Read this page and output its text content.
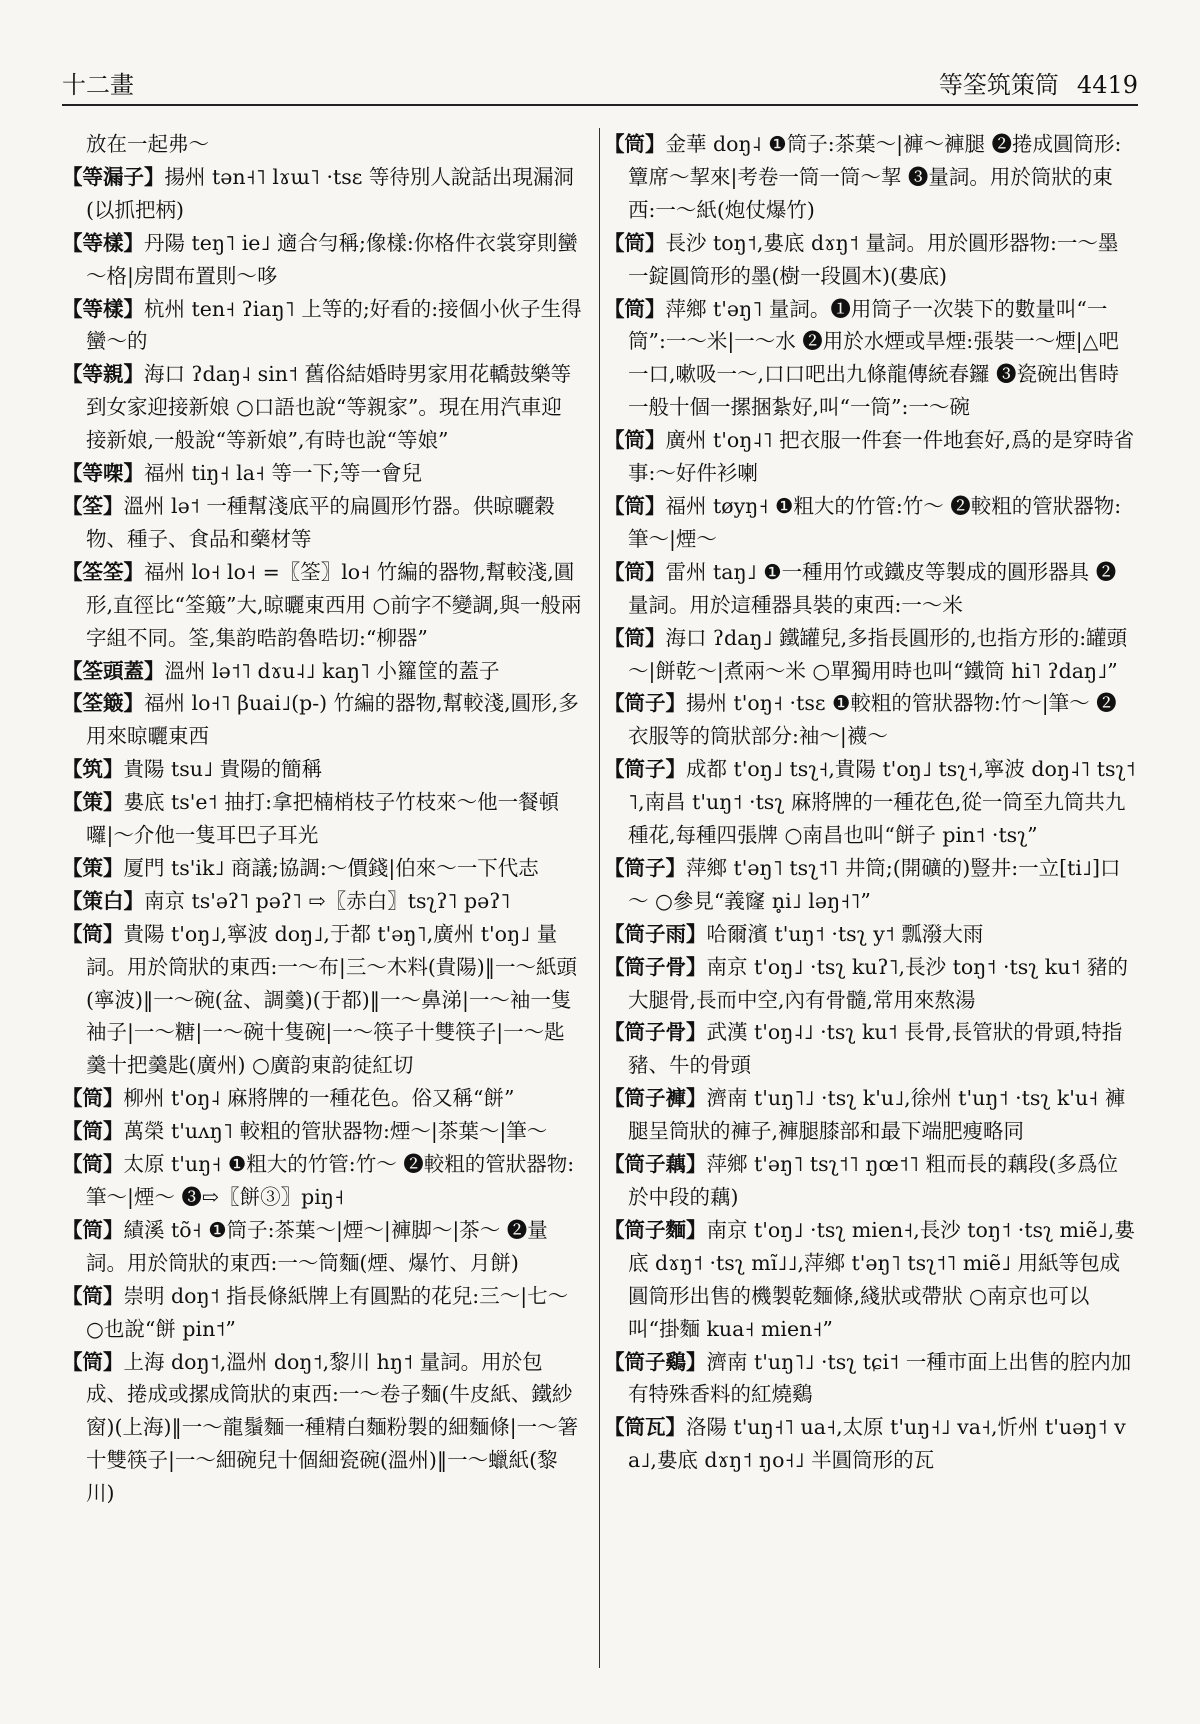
十二畫	等筌筑策筒 4419

放在一起弗～

【等漏子】揚州 tən˧˥ lɤɯ˥ ·tsɛ 等待別人說話出現漏洞(以抓把柄)

【等樣】丹陽 teŋ˥ ie˩ 適合勻稱;像樣:你格件衣裳穿則蠻～格|房間布置則～哆

【等樣】杭州 ten˧ ʔiaŋ˥ 上等的;好看的:接個小伙子生得蠻～的

【等親】海口 ʔdaŋ˨ sin˦ 舊俗結婚時男家用花轎鼓樂等到女家迎接新娘 ○口語也說“等親家”。現在用汽車迎接新娘,一般說“等新娘”,有時也說“等娘”

【等㗎】福州 tiŋ˧ la˧ 等一下;等一會兒

【筌】溫州 lə˦ 一種幫淺底平的扁圓形竹器。供晾曬穀物、種子、食品和藥材等

【筌筌】福州 lo˧ lo˧ =〖筌〗lo˧ 竹編的器物,幫較淺,圓形,直徑比“筌簸”大,晾曬東西用 ○前字不變調,與一般兩字組不同。筌,集韵晧韵魯晧切:“柳器”

【筌頭蓋】溫州 lə˦˥ dɤu˨˩ kaŋ˥ 小籮筐的蓋子

【筌簸】福州 lo˧˥ βuai˩(p-) 竹編的器物,幫較淺,圓形,多用來晾曬東西

【筑】貴陽 tsu˩ 貴陽的簡稱

【策】婁底 ts'e˦ 抽打:拿把楠梢枝子竹枝來～他一餐頓囉|～介他一隻耳巴子耳光

【策】厦門 ts'ik˩ 商議;協調:～價錢|伯來～一下代志

【策白】南京 ts'əʔ˥ pəʔ˥ ⇨〖赤白〗tsʅʔ˥ pəʔ˥

【筒】貴陽 t'oŋ˩,寧波 doŋ˩,于都 t'əŋ˥,廣州 t'oŋ˩ 量詞。用於筒狀的東西:一～布|三～木料(貴陽)‖一～紙頭(寧波)‖一～碗(盆、調羹)(于都)‖一～鼻涕|一～袖一隻袖子|一～糖|一～碗十隻碗|一～筷子十雙筷子|一～匙羹十把羹匙(廣州) ○廣韵東韵徒紅切

【筒】柳州 t'oŋ˨ 麻將牌的一種花色。俗又稱“餅”

【筒】萬榮 t'uʌŋ˥ 較粗的管狀器物:煙～|茶葉～|筆～

【筒】太原 t'uŋ˧ ❶粗大的竹管:竹～ ❷較粗的管狀器物:筆～|煙～ ❸⇨〖餅③〗piŋ˧

【筒】績溪 tõ˧ ❶筒子:茶葉～|煙～|褲脚～|茶～ ❷量詞。用於筒狀的東西:一～筒麵(煙、爆竹、月餅)

【筒】崇明 doŋ˦ 指長條紙牌上有圓點的花兒:三～|七～ ○也說“餅 pin˦”

【筒】上海 doŋ˦,溫州 doŋ˦,黎川 hŋ˦ 量詞。用於包成、捲成或摞成筒狀的東西:一～卷子麵(牛皮紙、鐵紗窗)(上海)‖一～龍鬚麵一種精白麵粉製的細麵條|一～箸十雙筷子|一～細碗兒十個細瓷碗(溫州)‖一～蠟紙(黎川)

【筒】金華 doŋ˨ ❶筒子:茶葉～|褲～褲腿 ❷捲成圓筒形:簟席～挈來|考卷一筒一筒～挈 ❸量詞。用於筒狀的東西:一～紙(炮仗爆竹)

【筒】長沙 toŋ˦,婁底 dɤŋ˦ 量詞。用於圓形器物:一～墨一錠圓筒形的墨(樹一段圓木)(婁底)

【筒】萍鄉 t'əŋ˥ 量詞。❶用筒子一次裝下的數量叫“一筒”:一～米|一～水 ❷用於水煙或旱煙:張裝一～煙|△吧一口,嗽吸一～,口口吧出九條龍傳統春鑼 ❸瓷碗出售時一般十個一摞捆紮好,叫“一筒”:一～碗

【筒】廣州 t'oŋ˨˥ 把衣服一件套一件地套好,爲的是穿時省事:～好件衫喇

【筒】福州 tøyŋ˧ ❶粗大的竹管:竹～ ❷較粗的管狀器物:筆～|煙～

【筒】雷州 taŋ˩ ❶一種用竹或鐵皮等製成的圓形器具 ❷量詞。用於這種器具裝的東西:一～米

【筒】海口 ʔdaŋ˩ 鐵罐兒,多指長圓形的,也指方形的:罐頭～|餅乾～|煮兩～米 ○單獨用時也叫“鐵筒 hi˥ ʔdaŋ˩”

【筒子】揚州 t'oŋ˧ ·tsɛ ❶較粗的管狀器物:竹～|筆～ ❷衣服等的筒狀部分:袖～|襪～

【筒子】成都 t'oŋ˩ tsʅ˧,貴陽 t'oŋ˩ tsʅ˧,寧波 doŋ˨˥ tsʅ˦˥,南昌 t'uŋ˦ ·tsʅ 麻將牌的一種花色,從一筒至九筒共九種花,每種四張牌 ○南昌也叫“餅子 pin˦ ·tsʅ”

【筒子】萍鄉 t'əŋ˥ tsʅ˦˥ 井筒;(開礦的)豎井:一立[ti˩]口～ ○參見“義窿 n̥i˩ ləŋ˧˥”

【筒子雨】哈爾濱 t'uŋ˦ ·tsʅ y˦ 瓢潑大雨

【筒子骨】南京 t'oŋ˩ ·tsʅ kuʔ˥,長沙 toŋ˦ ·tsʅ ku˦ 豬的大腿骨,長而中空,內有骨髓,常用來熬湯

【筒子骨】武漢 t'oŋ˨˩ ·tsʅ ku˦ 長骨,長管狀的骨頭,特指豬、牛的骨頭

【筒子褲】濟南 t'uŋ˥˩ ·tsʅ k'u˩,徐州 t'uŋ˦ ·tsʅ k'u˧ 褲腿呈筒狀的褲子,褲腿膝部和最下端肥瘦略同

【筒子藕】萍鄉 t'əŋ˥ tsʅ˦˥ ŋœ˦˥ 粗而長的藕段(多爲位於中段的藕)

【筒子麵】南京 t'oŋ˩ ·tsʅ mien˧,長沙 toŋ˦ ·tsʅ miẽ˩,婁底 dɤŋ˦ ·tsʅ mĩ˩˩,萍鄉 t'əŋ˥ tsʅ˦˥ miẽ˩ 用紙等包成圓筒形出售的機製乾麵條,綫狀或帶狀 ○南京也可以叫“掛麵 kua˧ mien˧”

【筒子鷄】濟南 t'uŋ˥˩ ·tsʅ tɕi˦ 一種市面上出售的腔内加有特殊香料的紅燒鷄

【筒瓦】洛陽 t'uŋ˧˥ ua˧,太原 t'uŋ˧˩ va˧,忻州 t'uəŋ˦ va˩,婁底 dɤŋ˦ ŋo˧˩ 半圓筒形的瓦
